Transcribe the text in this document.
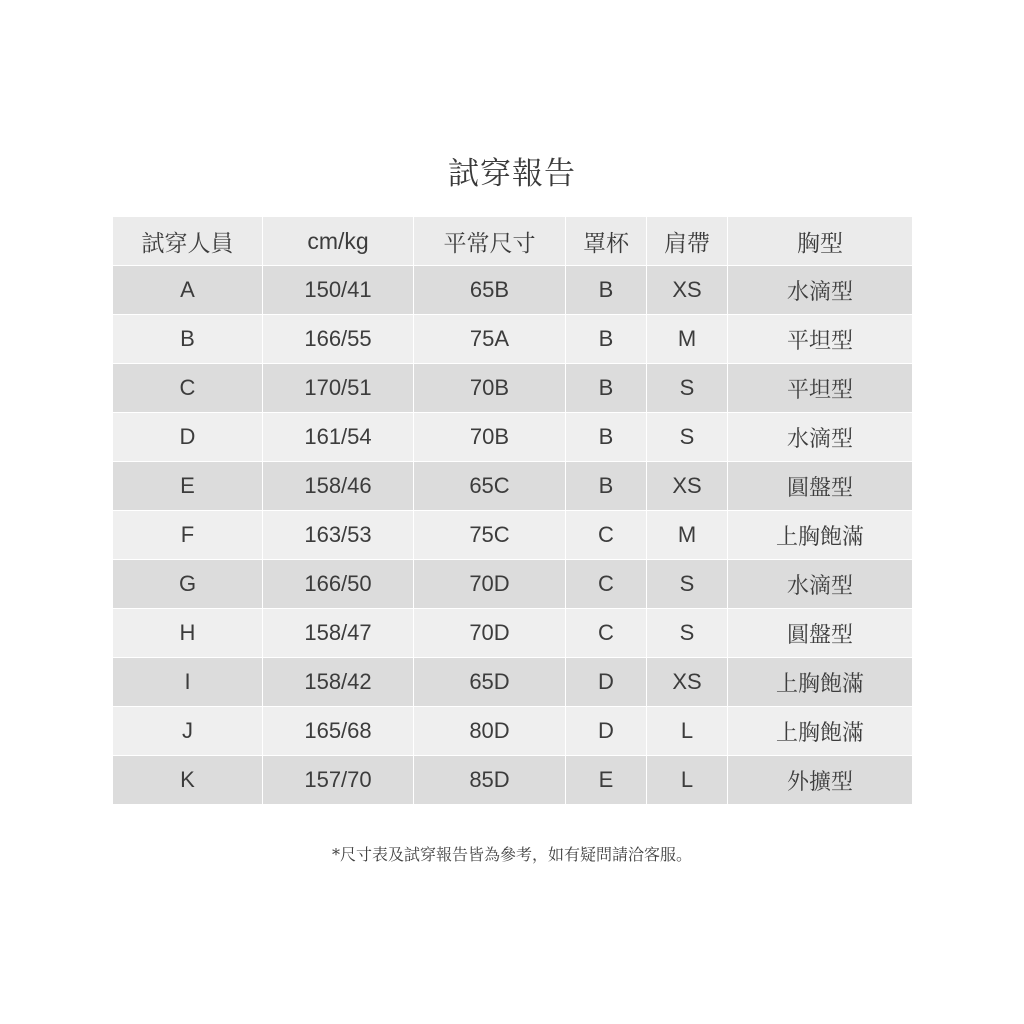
試穿報告
試穿人員	cm/kg	平常尺寸	罩杯	肩帶	胸型
A	150/41	65B	B	XS	水滴型
B	166/55	75A	B	M	平坦型
C	170/51	70B	B	S	平坦型
D	161/54	70B	B	S	水滴型
E	158/46	65C	B	XS	圓盤型
F	163/53	75C	C	M	上胸飽滿
G	166/50	70D	C	S	水滴型
H	158/47	70D	C	S	圓盤型
I	158/42	65D	D	XS	上胸飽滿
J	165/68	80D	D	L	上胸飽滿
K	157/70	85D	E	L	外擴型
*尺寸表及試穿報告皆為參考，如有疑問請洽客服。
